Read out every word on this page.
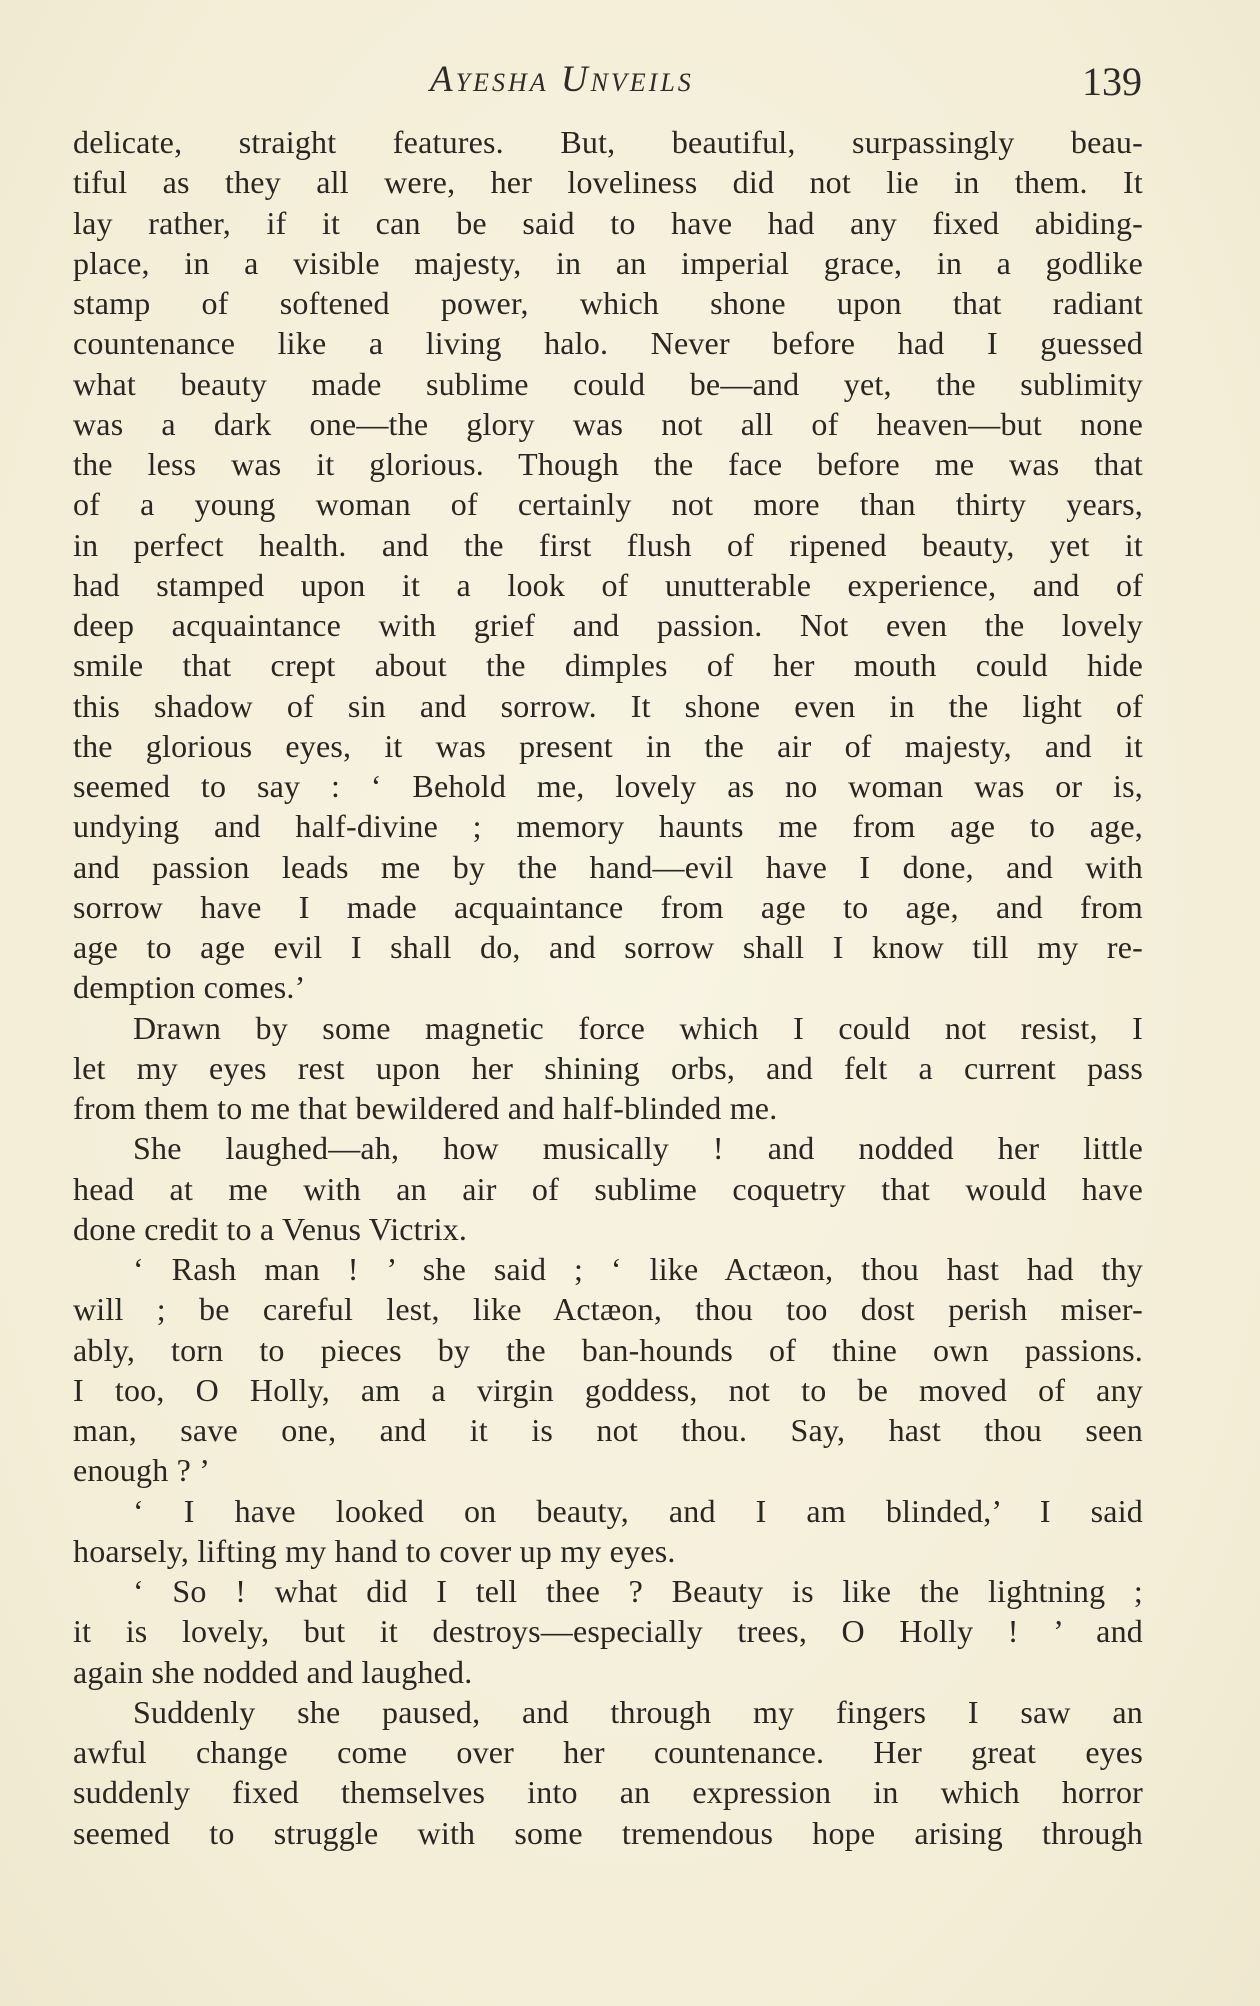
Ayesha Unveils	139
delicate, straight features. But, beautiful, surpassingly beau-
tiful as they all were, her loveliness did not lie in them. It
lay rather, if it can be said to have had any fixed abiding-
place, in a visible majesty, in an imperial grace, in a godlike
stamp of softened power, which shone upon that radiant
countenance like a living halo. Never before had I guessed
what beauty made sublime could be—and yet, the sublimity
was a dark one—the glory was not all of heaven—but none
the less was it glorious. Though the face before me was that
of a young woman of certainly not more than thirty years,
in perfect health. and the first flush of ripened beauty, yet it
had stamped upon it a look of unutterable experience, and of
deep acquaintance with grief and passion. Not even the lovely
smile that crept about the dimples of her mouth could hide
this shadow of sin and sorrow. It shone even in the light of
the glorious eyes, it was present in the air of majesty, and it
seemed to say : ‘ Behold me, lovely as no woman was or is,
undying and half-divine ; memory haunts me from age to age,
and passion leads me by the hand—evil have I done, and with
sorrow have I made acquaintance from age to age, and from
age to age evil I shall do, and sorrow shall I know till my re-
demption comes.’
Drawn by some magnetic force which I could not resist, I
let my eyes rest upon her shining orbs, and felt a current pass
from them to me that bewildered and half-blinded me.
She laughed—ah, how musically ! and nodded her little
head at me with an air of sublime coquetry that would have
done credit to a Venus Victrix.
‘ Rash man ! ’ she said ; ‘ like Actæon, thou hast had thy
will ; be careful lest, like Actæon, thou too dost perish miser-
ably, torn to pieces by the ban-hounds of thine own passions.
I too, O Holly, am a virgin goddess, not to be moved of any
man, save one, and it is not thou. Say, hast thou seen
enough ? ’
‘ I have looked on beauty, and I am blinded,’ I said
hoarsely, lifting my hand to cover up my eyes.
‘ So ! what did I tell thee ? Beauty is like the lightning ;
it is lovely, but it destroys—especially trees, O Holly ! ’ and
again she nodded and laughed.
Suddenly she paused, and through my fingers I saw an
awful change come over her countenance. Her great eyes
suddenly fixed themselves into an expression in which horror
seemed to struggle with some tremendous hope arising through
